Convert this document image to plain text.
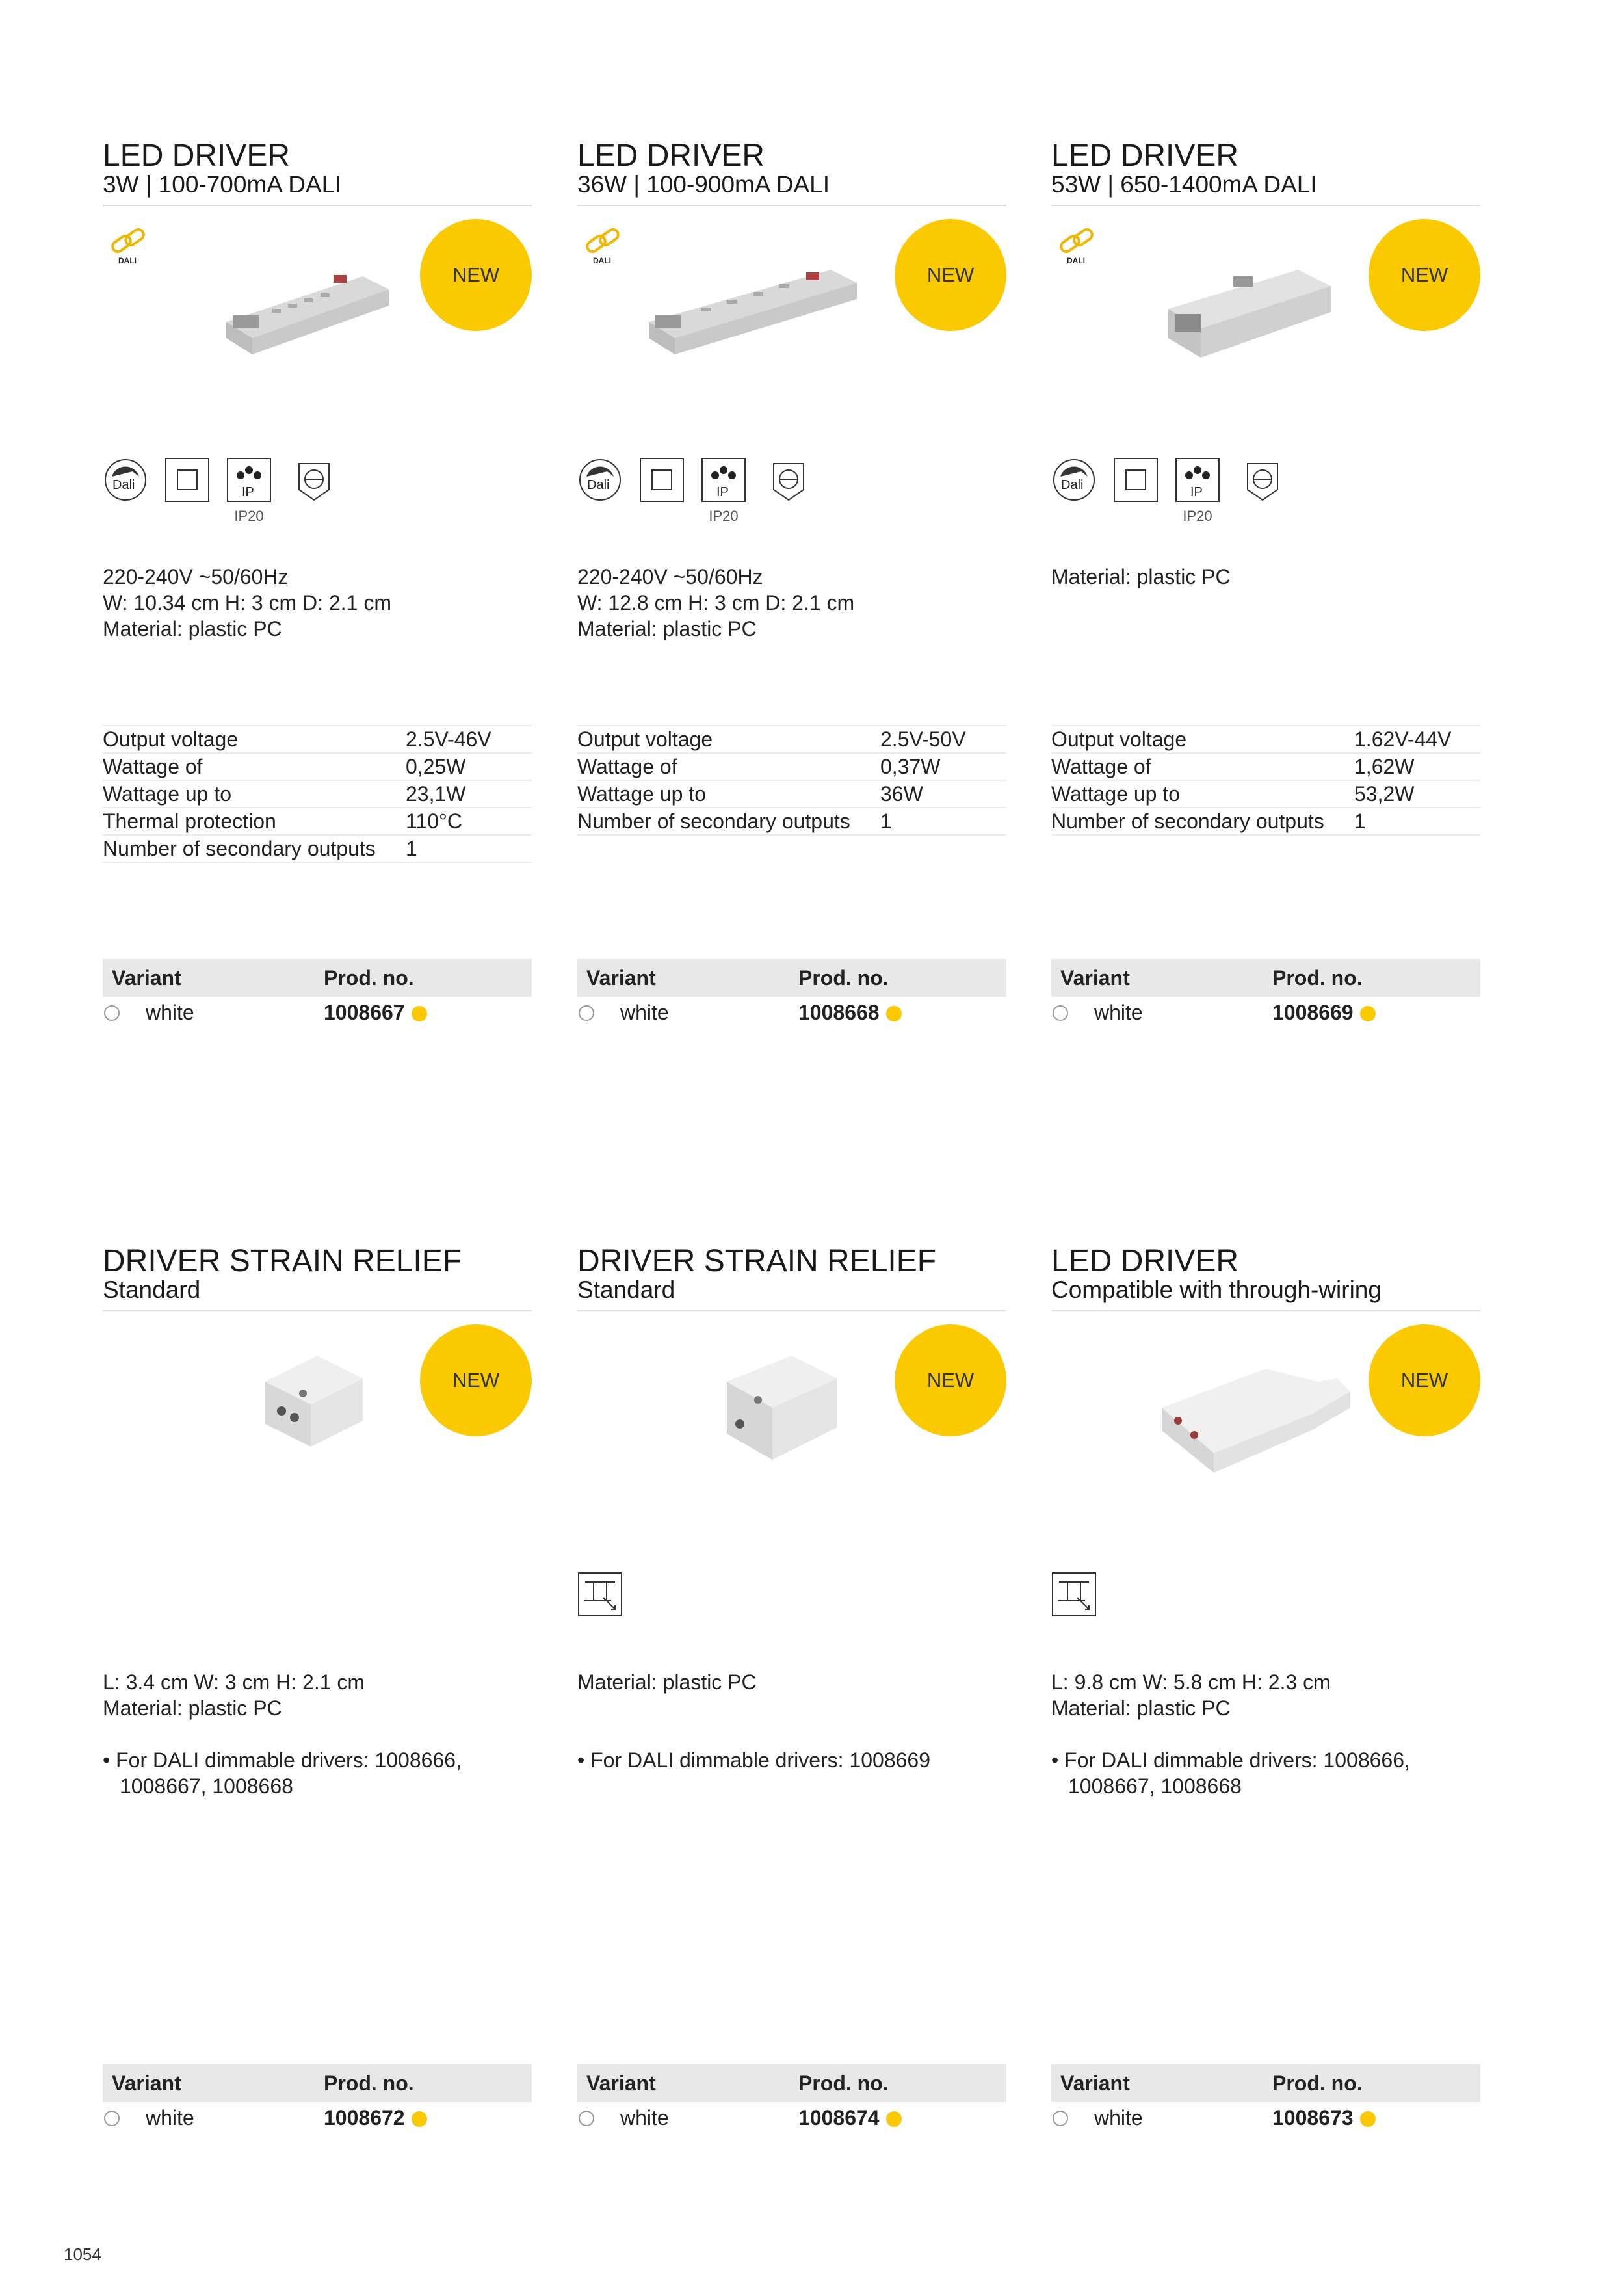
LED DRIVER
3W | 100-700mA DALI
DALI
NEW
Dali	IP
IP20
220-240V ~50/60Hz
W: 10.34 cm H: 3 cm D: 2.1 cm
Material: plastic PC
Output voltage	2.5V-46V
Wattage of	0,25W
Wattage up to	23,1W
Thermal protection	110°C
Number of secondary outputs 1
Variant	Prod. no.
white	1008667
LED DRIVER
36W | 100-900mA DALI
DALI
NEW
Dali	IP
IP20
220-240V ~50/60Hz
W: 12.8 cm H: 3 cm D: 2.1 cm
Material: plastic PC
Output voltage	2.5V-50V
Wattage of	0,37W
Wattage up to	36W
Number of secondary outputs 1
Variant	Prod. no.
white	1008668
LED DRIVER
53W | 650-1400mA DALI
DALI
NEW
Dali	IP
IP20
Material: plastic PC
Output voltage	1.62V-44V
Wattage of	1,62W
Wattage up to	53,2W
Number of secondary outputs 1
Variant	Prod. no.
white	1008669
DRIVER STRAIN RELIEF
Standard
NEW
L: 3.4 cm W: 3 cm H: 2.1 cm
Material: plastic PC
• For DALI dimmable drivers: 1008666,
1008667, 1008668
Variant	Prod. no.
white	1008672
DRIVER STRAIN RELIEF
Standard
NEW
Material: plastic PC
• For DALI dimmable drivers: 1008669
Variant	Prod. no.
white	1008674
LED DRIVER
Compatible with through-wiring
NEW
L: 9.8 cm W: 5.8 cm H: 2.3 cm
Material: plastic PC
• For DALI dimmable drivers: 1008666,
1008667, 1008668
Variant	Prod. no.
white	1008673
1054
